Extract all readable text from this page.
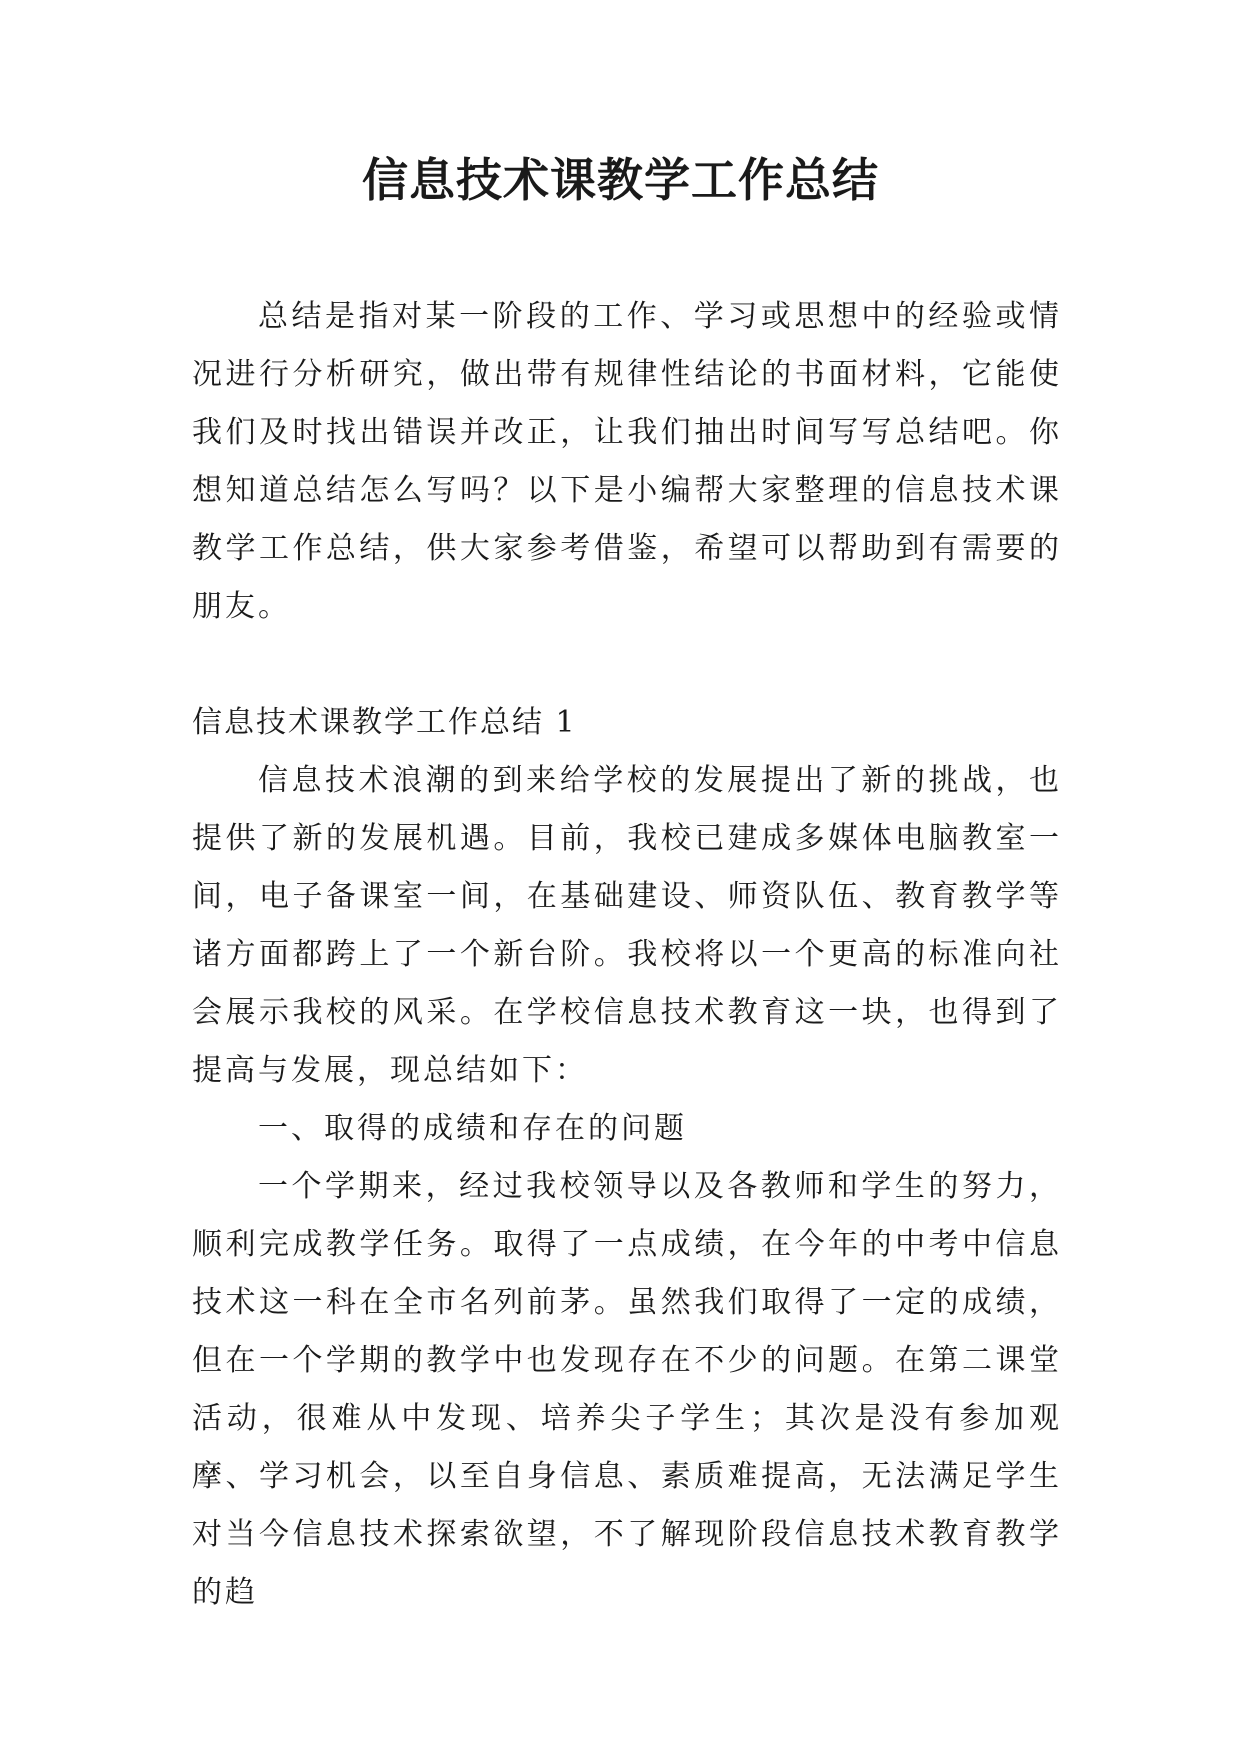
信息技术课教学工作总结

总结是指对某一阶段的工作、学习或思想中的经验或情况进行分析研究，做出带有规律性结论的书面材料，它能使我们及时找出错误并改正，让我们抽出时间写写总结吧。你想知道总结怎么写吗？以下是小编帮大家整理的信息技术课教学工作总结，供大家参考借鉴，希望可以帮助到有需要的朋友。

信息技术课教学工作总结 1

信息技术浪潮的到来给学校的发展提出了新的挑战，也提供了新的发展机遇。目前，我校已建成多媒体电脑教室一间，电子备课室一间，在基础建设、师资队伍、教育教学等诸方面都跨上了一个新台阶。我校将以一个更高的标准向社会展示我校的风采。在学校信息技术教育这一块，也得到了提高与发展，现总结如下：

一、取得的成绩和存在的问题

一个学期来，经过我校领导以及各教师和学生的努力，顺利完成教学任务。取得了一点成绩，在今年的中考中信息技术这一科在全市名列前茅。虽然我们取得了一定的成绩，但在一个学期的教学中也发现存在不少的问题。在第二课堂活动，很难从中发现、培养尖子学生；其次是没有参加观摩、学习机会，以至自身信息、素质难提高，无法满足学生对当今信息技术探索欲望，不了解现阶段信息技术教育教学的趋
